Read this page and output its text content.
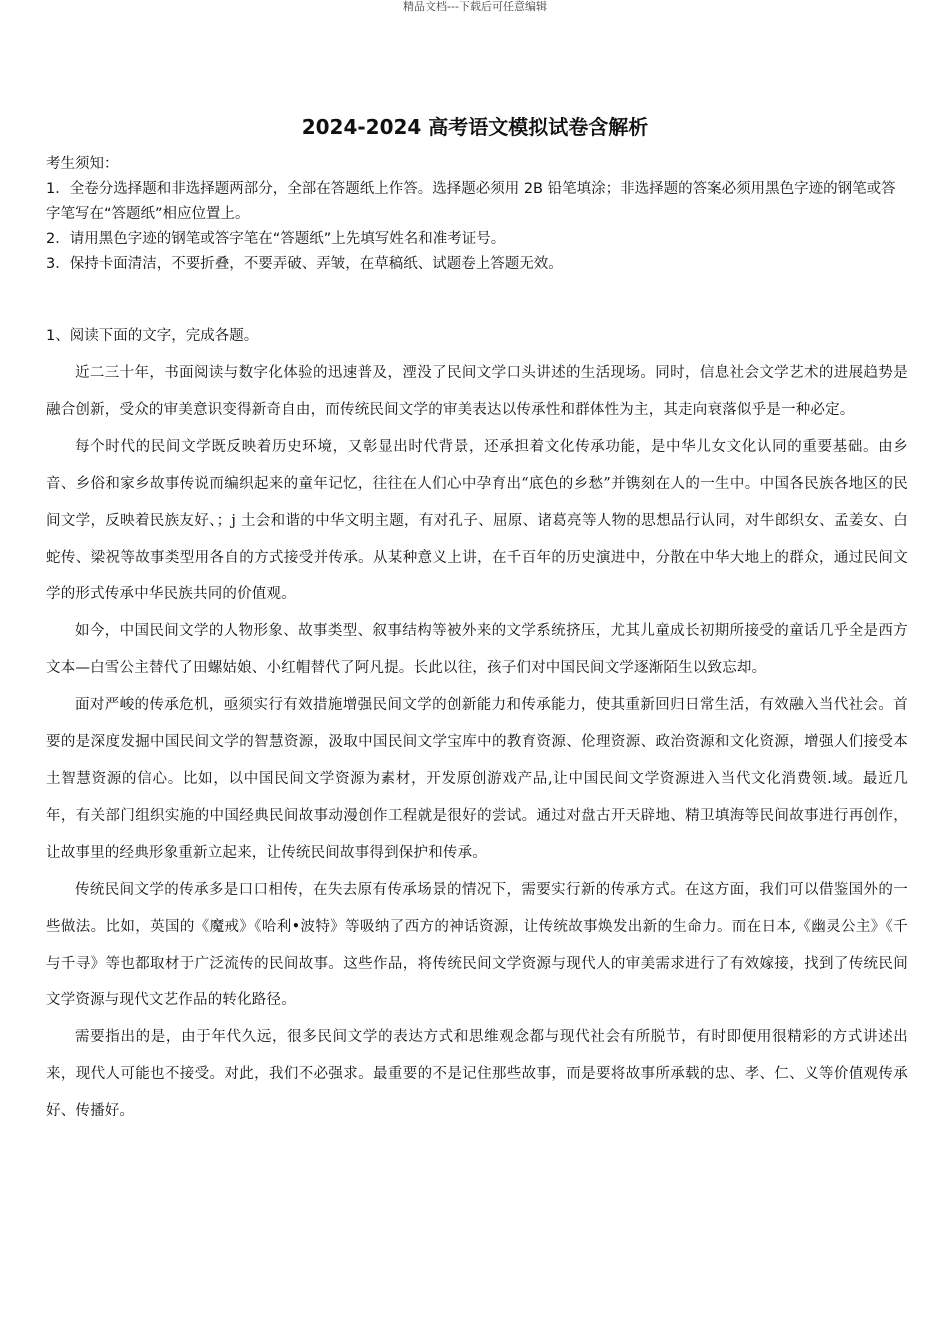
精品文档---下载后可任意编辑
2024-2024 高考语文模拟试卷含解析

考生须知：

1．全卷分选择题和非选择题两部分，全部在答题纸上作答。选择题必须用 2B 铅笔填涂；非选择题的答案必须用黑色字迹的钢笔或答字笔写在“答题纸”相应位置上。

2．请用黑色字迹的钢笔或答字笔在“答题纸”上先填写姓名和准考证号。

3．保持卡面清洁，不要折叠，不要弄破、弄皱，在草稿纸、试题卷上答题无效。

1、阅读下面的文字，完成各题。

近二三十年，书面阅读与数字化体验的迅速普及，湮没了民间文学口头讲述的生活现场。同时，信息社会文学艺术的进展趋势是融合创新，受众的审美意识变得新奇自由，而传统民间文学的审美表达以传承性和群体性为主，其走向衰落似乎是一种必定。

每个时代的民间文学既反映着历史环境，又彰显出时代背景，还承担着文化传承功能，是中华儿女文化认同的重要基础。由乡音、乡俗和家乡故事传说而编织起来的童年记忆，往往在人们心中孕育出“底色的乡愁”并镌刻在人的一生中。中国各民族各地区的民间文学，反映着民族友好、；j 土会和谐的中华文明主题，有对孔子、屈原、诸葛亮等人物的思想品行认同，对牛郎织女、孟姜女、白蛇传、梁祝等故事类型用各自的方式接受并传承。从某种意义上讲，在千百年的历史演进中，分散在中华大地上的群众，通过民间文学的形式传承中华民族共同的价值观。

如今，中国民间文学的人物形象、故事类型、叙事结构等被外来的文学系统挤压，尤其儿童成长初期所接受的童话几乎全是西方文本—白雪公主替代了田螺姑娘、小红帽替代了阿凡提。长此以往，孩子们对中国民间文学逐渐陌生以致忘却。

面对严峻的传承危机，亟须实行有效措施增强民间文学的创新能力和传承能力，使其重新回归日常生活，有效融入当代社会。首要的是深度发掘中国民间文学的智慧资源，汲取中国民间文学宝库中的教育资源、伦理资源、政治资源和文化资源，增强人们接受本土智慧资源的信心。比如，以中国民间文学资源为素材，开发原创游戏产品,让中国民间文学资源进入当代文化消费领.域。最近几年，有关部门组织实施的中国经典民间故事动漫创作工程就是很好的尝试。通过对盘古开天辟地、精卫填海等民间故事进行再创作，让故事里的经典形象重新立起来，让传统民间故事得到保护和传承。

传统民间文学的传承多是口口相传，在失去原有传承场景的情况下，需要实行新的传承方式。在这方面，我们可以借鉴国外的一些做法。比如，英国的《魔戒》《哈利•波特》等吸纳了西方的神话资源，让传统故事焕发出新的生命力。而在日本,《幽灵公主》《千与千寻》等也都取材于广泛流传的民间故事。这些作品，将传统民间文学资源与现代人的审美需求进行了有效嫁接，找到了传统民间文学资源与现代文艺作品的转化路径。

需要指出的是，由于年代久远，很多民间文学的表达方式和思维观念都与现代社会有所脱节，有时即便用很精彩的方式讲述出来，现代人可能也不接受。对此，我们不必强求。最重要的不是记住那些故事，而是要将故事所承载的忠、孝、仁、义等价值观传承好、传播好。
